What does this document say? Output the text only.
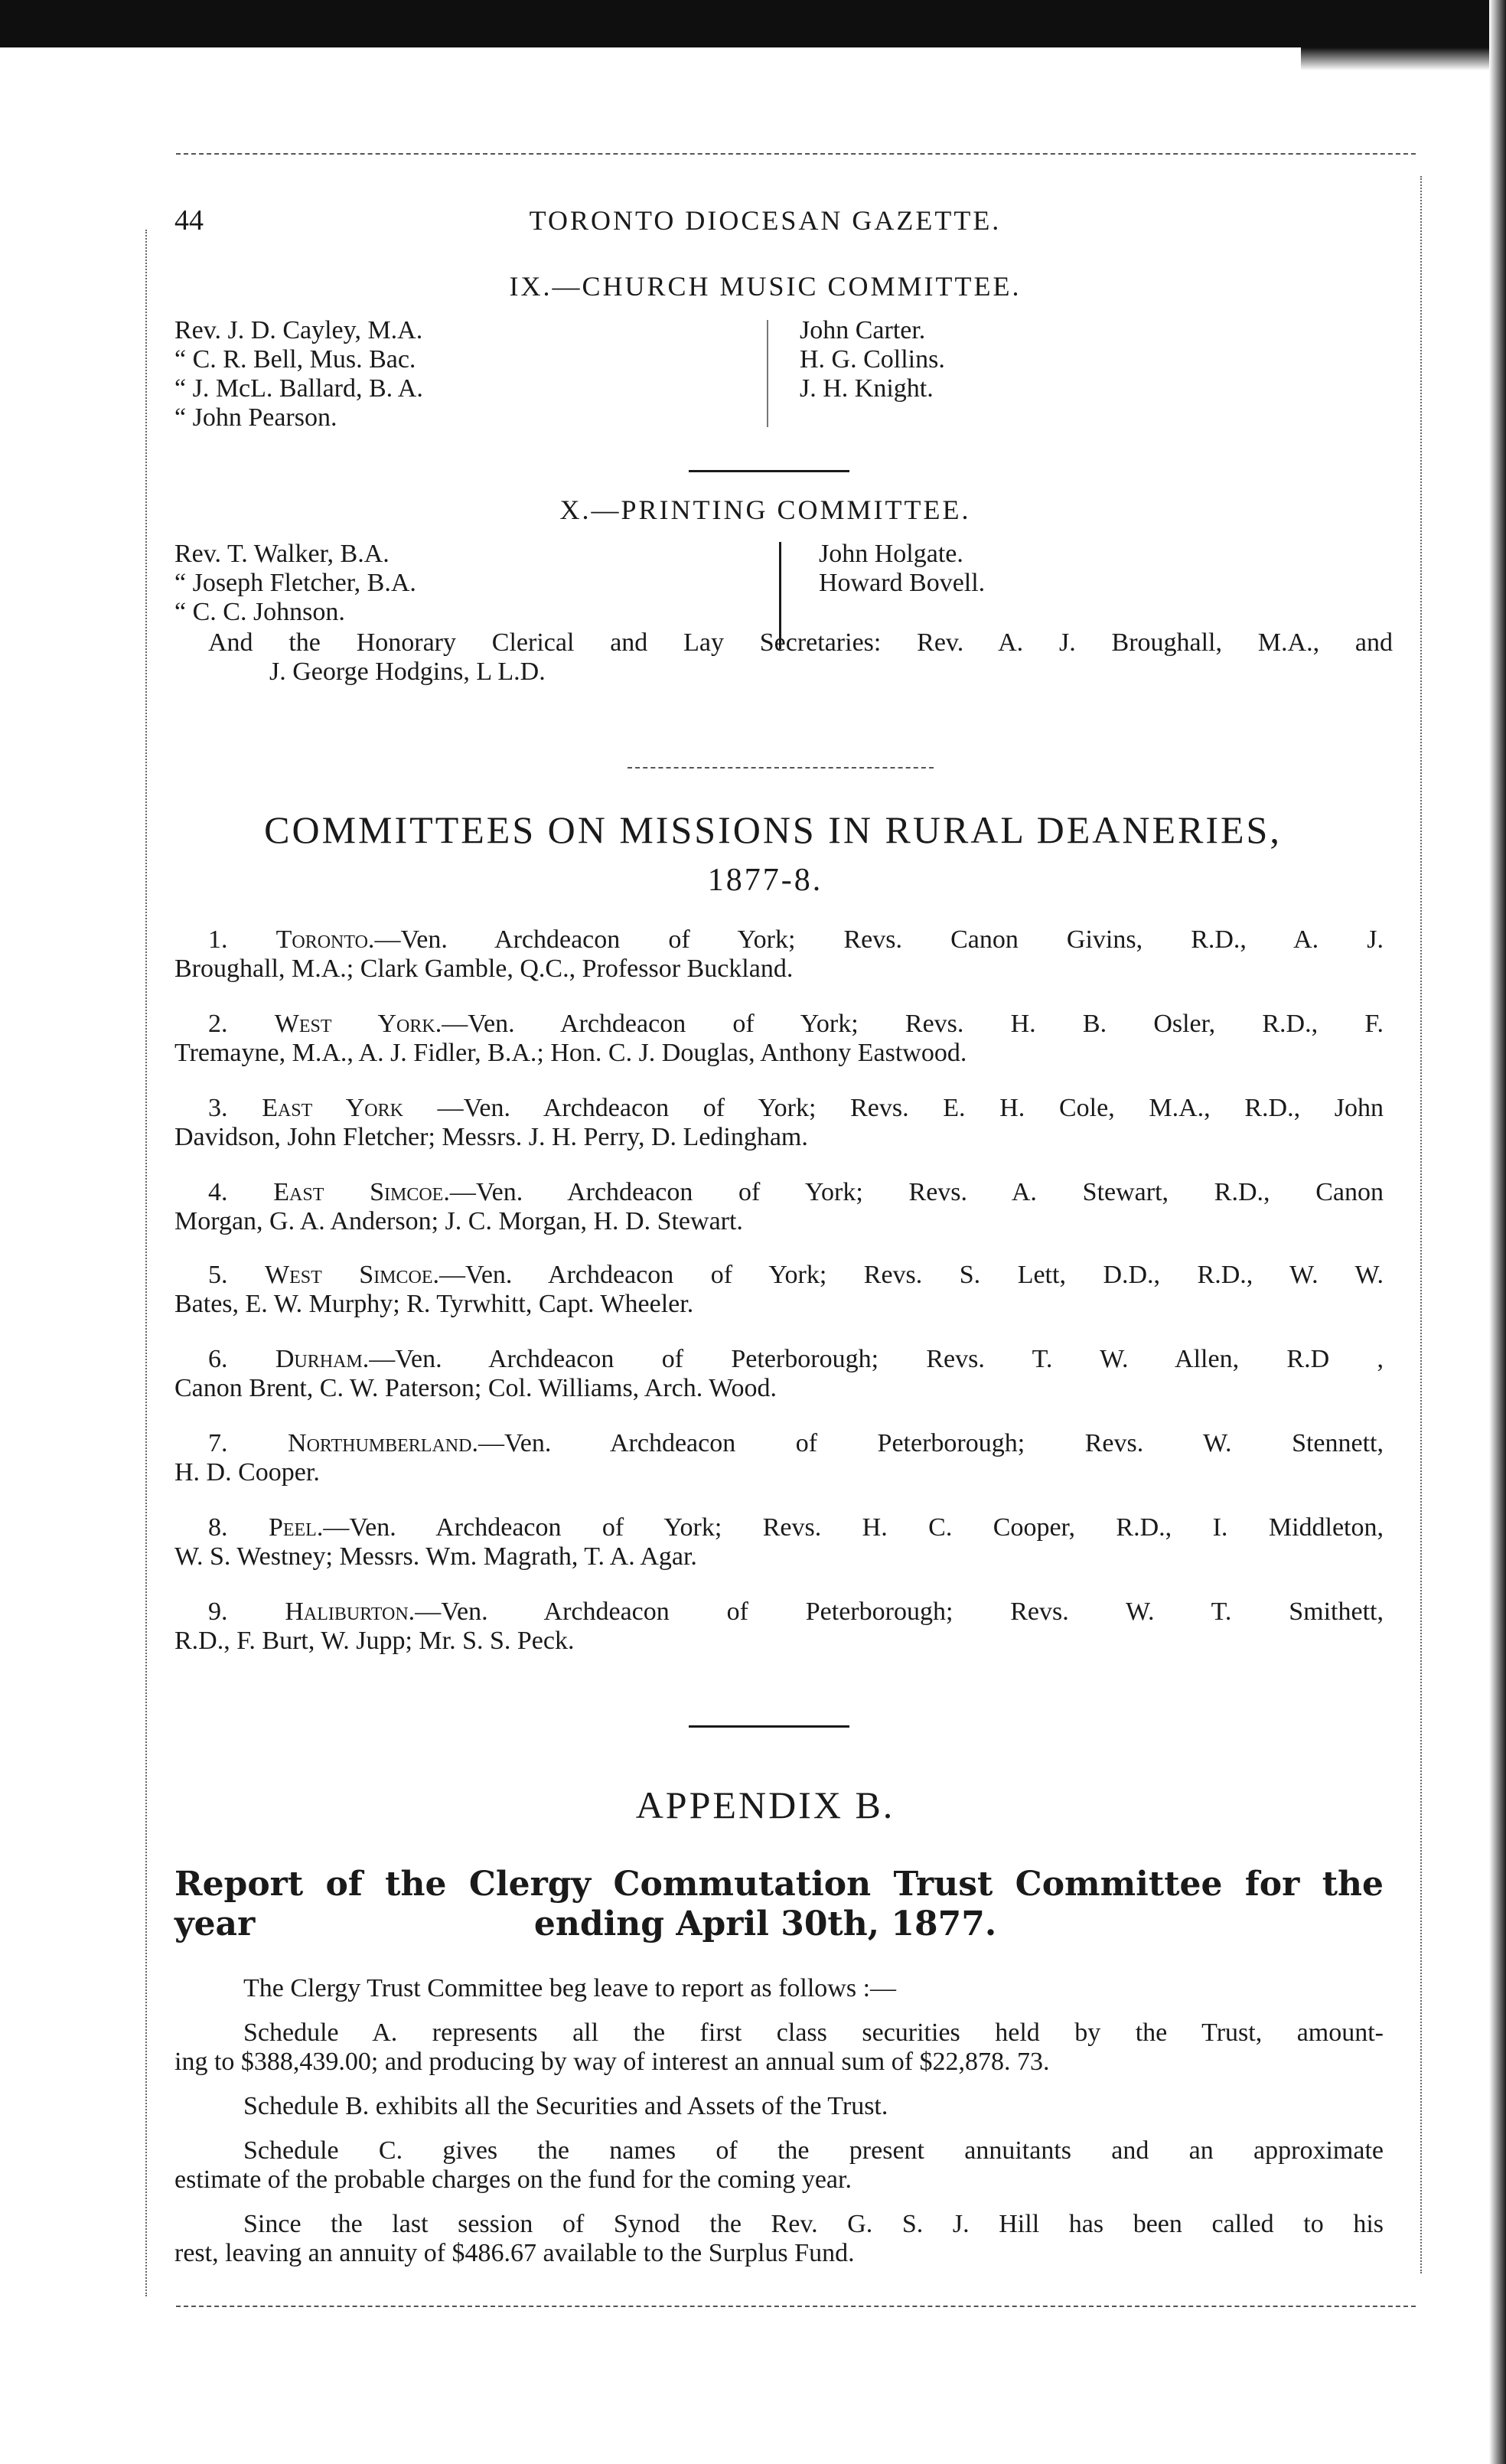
44	TORONTO DIOCESAN GAZETTE.
IX.—CHURCH MUSIC COMMITTEE.
Rev. J. D. Cayley, M.A.
“ C. R. Bell, Mus. Bac.
“ J. McL. Ballard, B. A.
“ John Pearson.
John Carter.
H. G. Collins.
J. H. Knight.
X.—PRINTING COMMITTEE.
Rev. T. Walker, B.A.
“ Joseph Fletcher, B.A.
“ C. C. Johnson.
John Holgate.
Howard Bovell.
And the Honorary Clerical and Lay Secretaries: Rev. A. J. Broughall, M.A., and
J. George Hodgins, L L.D.
COMMITTEES ON MISSIONS IN RURAL DEANERIES,
1877-8.
1. Toronto.—Ven. Archdeacon of York; Revs. Canon Givins, R.D., A. J.
Broughall, M.A.; Clark Gamble, Q.C., Professor Buckland.
2. West York.—Ven. Archdeacon of York; Revs. H. B. Osler, R.D., F.
Tremayne, M.A., A. J. Fidler, B.A.; Hon. C. J. Douglas, Anthony Eastwood.
3. East York —Ven. Archdeacon of York; Revs. E. H. Cole, M.A., R.D., John
Davidson, John Fletcher; Messrs. J. H. Perry, D. Ledingham.
4. East Simcoe.—Ven. Archdeacon of York; Revs. A. Stewart, R.D., Canon
Morgan, G. A. Anderson; J. C. Morgan, H. D. Stewart.
5. West Simcoe.—Ven. Archdeacon of York; Revs. S. Lett, D.D., R.D., W. W.
Bates, E. W. Murphy; R. Tyrwhitt, Capt. Wheeler.
6. Durham.—Ven. Archdeacon of Peterborough; Revs. T. W. Allen, R.D ,
Canon Brent, C. W. Paterson; Col. Williams, Arch. Wood.
7. Northumberland.—Ven. Archdeacon of Peterborough; Revs. W. Stennett,
H. D. Cooper.
8. Peel.—Ven. Archdeacon of York; Revs. H. C. Cooper, R.D., I. Middleton,
W. S. Westney; Messrs. Wm. Magrath, T. A. Agar.
9. Haliburton.—Ven. Archdeacon of Peterborough; Revs. W. T. Smithett,
R.D., F. Burt, W. Jupp; Mr. S. S. Peck.
APPENDIX B.
Report of the Clergy Commutation Trust Committee for the year	ending April 30th, 1877.
The Clergy Trust Committee beg leave to report as follows :—
Schedule A. represents all the first class securities held by the Trust, amount-
ing to $388,439.00; and producing by way of interest an annual sum of $22,878. 73.
Schedule B. exhibits all the Securities and Assets of the Trust.
Schedule C. gives the names of the present annuitants and an approximate
estimate of the probable charges on the fund for the coming year.
Since the last session of Synod the Rev. G. S. J. Hill has been called to his
rest, leaving an annuity of $486.67 available to the Surplus Fund.
